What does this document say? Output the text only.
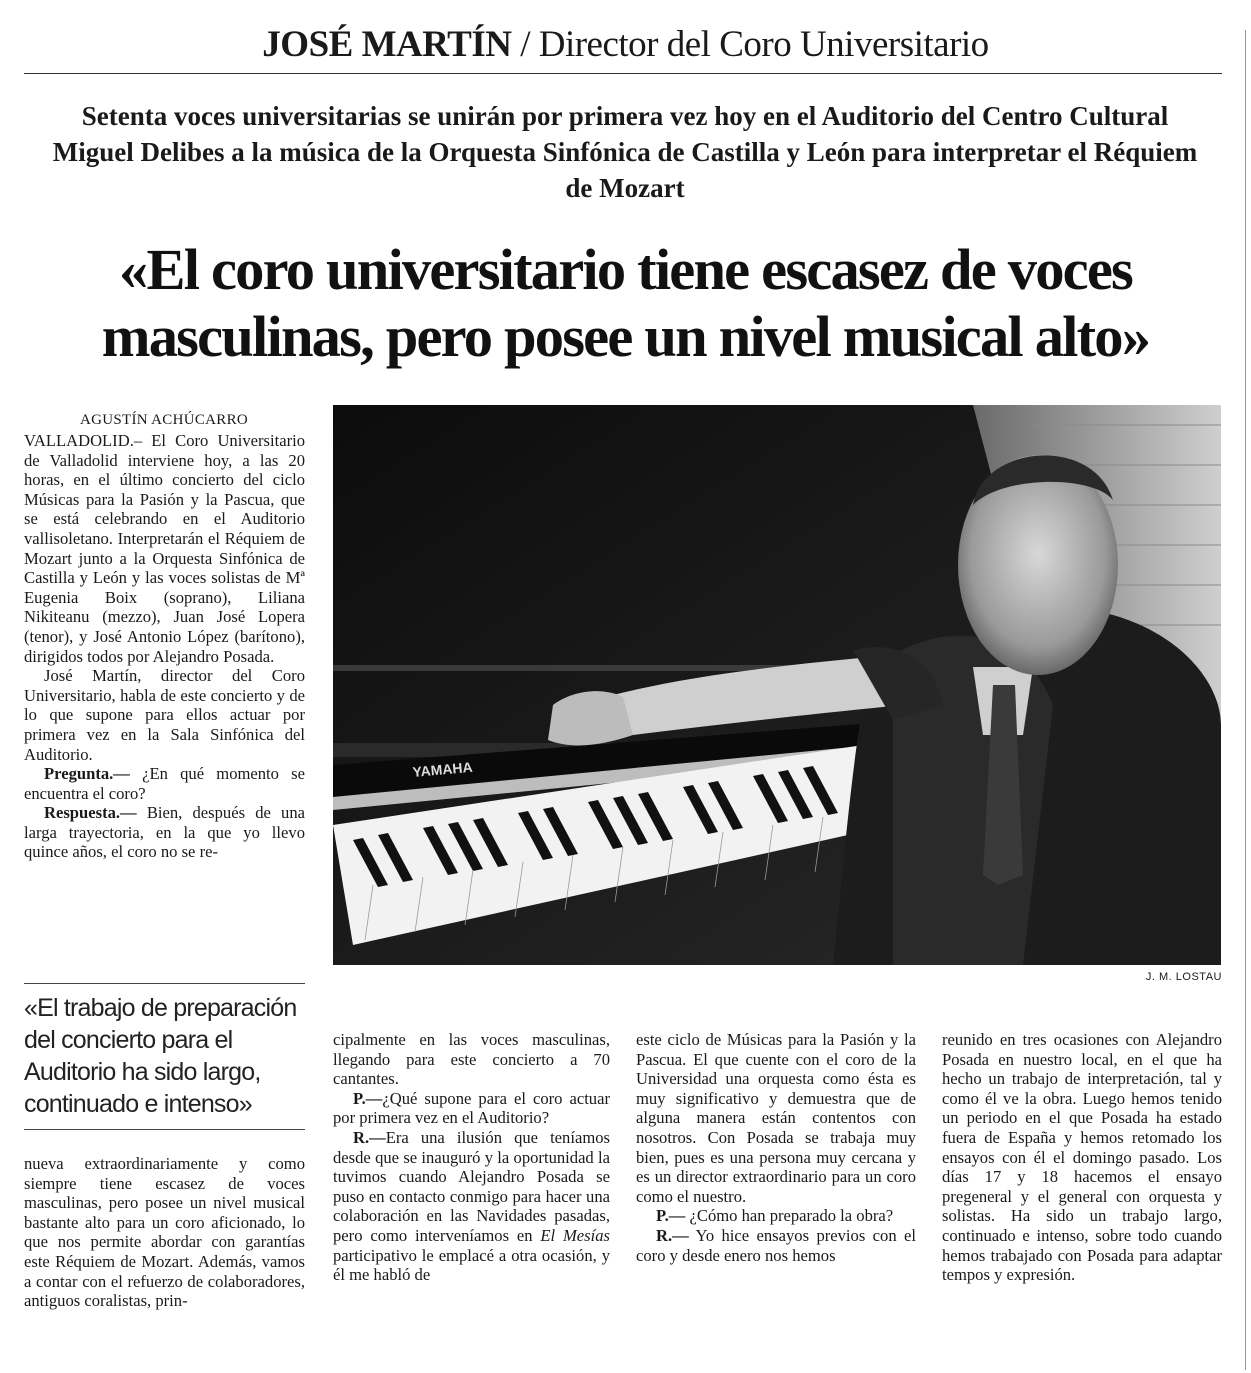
JOSÉ MARTÍN / Director del Coro Universitario
Setenta voces universitarias se unirán por primera vez hoy en el Auditorio del Centro Cultural Miguel Delibes a la música de la Orquesta Sinfónica de Castilla y León para interpretar el Réquiem de Mozart
«El coro universitario tiene escasez de voces masculinas, pero posee un nivel musical alto»
AGUSTÍN ACHÚCARRO

VALLADOLID.– El Coro Universitario de Valladolid interviene hoy, a las 20 horas, en el último concierto del ciclo Músicas para la Pasión y la Pascua, que se está celebrando en el Auditorio vallisoletano. Interpretarán el Réquiem de Mozart junto a la Orquesta Sinfónica de Castilla y León y las voces solistas de Mª Eugenia Boix (soprano), Liliana Nikiteanu (mezzo), Juan José Lopera (tenor), y José Antonio López (barítono), dirigidos todos por Alejandro Posada.

José Martín, director del Coro Universitario, habla de este concierto y de lo que supone para ellos actuar por primera vez en la Sala Sinfónica del Auditorio.

Pregunta.— ¿En qué momento se encuentra el coro?

Respuesta.— Bien, después de una larga trayectoria, en la que yo llevo quince años, el coro no se re-

YAMAHA
J. M. LOSTAU
«El trabajo de preparación del concierto para el Auditorio ha sido largo, continuado e intenso»

nueva extraordinariamente y como siempre tiene escasez de voces masculinas, pero posee un nivel musical bastante alto para un coro aficionado, lo que nos permite abordar con garantías este Réquiem de Mozart. Además, vamos a contar con el refuerzo de colaboradores, antiguos coralistas, prin-

cipalmente en las voces masculinas, llegando para este concierto a 70 cantantes.

P.—¿Qué supone para el coro actuar por primera vez en el Auditorio?

R.—Era una ilusión que teníamos desde que se inauguró y la oportunidad la tuvimos cuando Alejandro Posada se puso en contacto conmigo para hacer una colaboración en las Navidades pasadas, pero como interveníamos en El Mesías participativo le emplacé a otra ocasión, y él me habló de

este ciclo de Músicas para la Pasión y la Pascua. El que cuente con el coro de la Universidad una orquesta como ésta es muy significativo y demuestra que de alguna manera están contentos con nosotros. Con Posada se trabaja muy bien, pues es una persona muy cercana y es un director extraordinario para un coro como el nuestro.

P.— ¿Cómo han preparado la obra?

R.— Yo hice ensayos previos con el coro y desde enero nos hemos

reunido en tres ocasiones con Alejandro Posada en nuestro local, en el que ha hecho un trabajo de interpretación, tal y como él ve la obra. Luego hemos tenido un periodo en el que Posada ha estado fuera de España y hemos retomado los ensayos con él el domingo pasado. Los días 17 y 18 hacemos el ensayo pregeneral y el general con orquesta y solistas. Ha sido un trabajo largo, continuado e intenso, sobre todo cuando hemos trabajado con Posada para adaptar tempos y expresión.
